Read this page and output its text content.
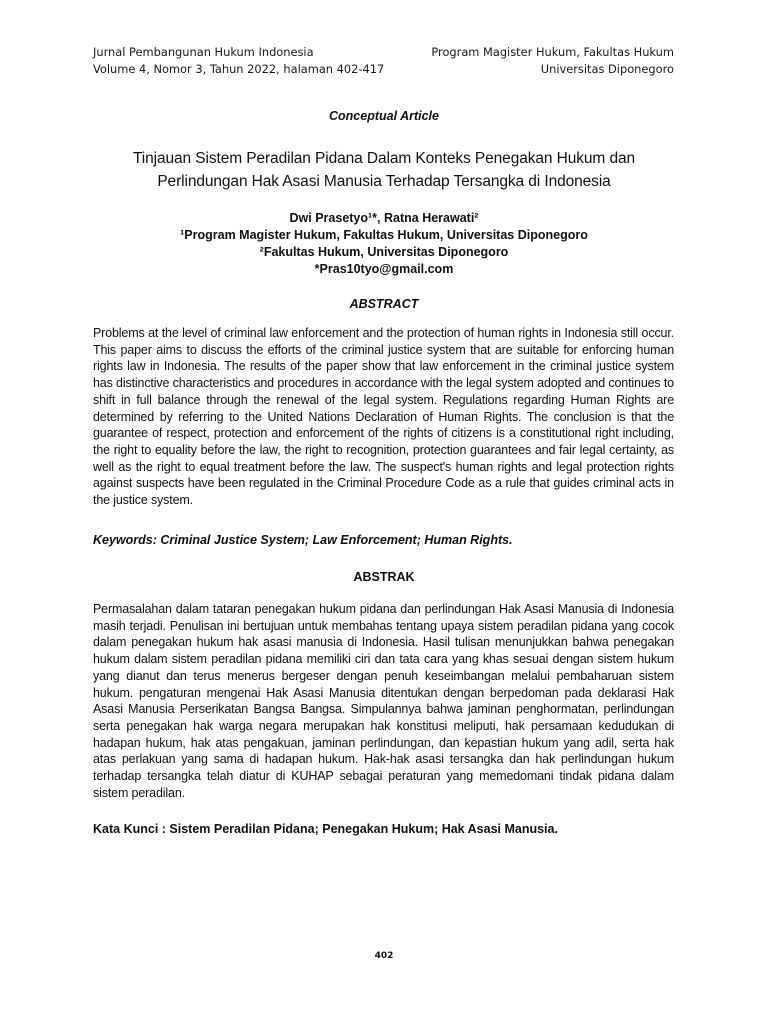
Jurnal Pembangunan Hukum Indonesia
Volume 4, Nomor 3, Tahun 2022, halaman 402-417
Program Magister Hukum, Fakultas Hukum
Universitas Diponegoro
Conceptual Article
Tinjauan Sistem Peradilan Pidana Dalam Konteks Penegakan Hukum dan
Perlindungan Hak Asasi Manusia Terhadap Tersangka di Indonesia
Dwi Prasetyo¹*, Ratna Herawati²
¹Program Magister Hukum, Fakultas Hukum, Universitas Diponegoro
²Fakultas Hukum, Universitas Diponegoro
*Pras10tyo@gmail.com
ABSTRACT
Problems at the level of criminal law enforcement and the protection of human rights in Indonesia still occur. This paper aims to discuss the efforts of the criminal justice system that are suitable for enforcing human rights law in Indonesia. The results of the paper show that law enforcement in the criminal justice system has distinctive characteristics and procedures in accordance with the legal system adopted and continues to shift in full balance through the renewal of the legal system. Regulations regarding Human Rights are determined by referring to the United Nations Declaration of Human Rights. The conclusion is that the guarantee of respect, protection and enforcement of the rights of citizens is a constitutional right including, the right to equality before the law, the right to recognition, protection guarantees and fair legal certainty, as well as the right to equal treatment before the law. The suspect's human rights and legal protection rights against suspects have been regulated in the Criminal Procedure Code as a rule that guides criminal acts in the justice system.
Keywords: Criminal Justice System; Law Enforcement; Human Rights.
ABSTRAK
Permasalahan dalam tataran penegakan hukum pidana dan perlindungan Hak Asasi Manusia di Indonesia masih terjadi. Penulisan ini bertujuan untuk membahas tentang upaya sistem peradilan pidana yang cocok dalam penegakan hukum hak asasi manusia di Indonesia. Hasil tulisan menunjukkan bahwa penegakan hukum dalam sistem peradilan pidana memiliki ciri dan tata cara yang khas sesuai dengan sistem hukum yang dianut dan terus menerus bergeser dengan penuh keseimbangan melalui pembaharuan sistem hukum. pengaturan mengenai Hak Asasi Manusia ditentukan dengan berpedoman pada deklarasi Hak Asasi Manusia Perserikatan Bangsa Bangsa. Simpulannya bahwa jaminan penghormatan, perlindungan serta penegakan hak warga negara merupakan hak konstitusi meliputi, hak persamaan kedudukan di hadapan hukum, hak atas pengakuan, jaminan perlindungan, dan kepastian hukum yang adil, serta hak atas perlakuan yang sama di hadapan hukum. Hak-hak asasi tersangka dan hak perlindungan hukum terhadap tersangka telah diatur di KUHAP sebagai peraturan yang memedomani tindak pidana dalam sistem peradilan.
Kata Kunci : Sistem Peradilan Pidana; Penegakan Hukum; Hak Asasi Manusia.
402
